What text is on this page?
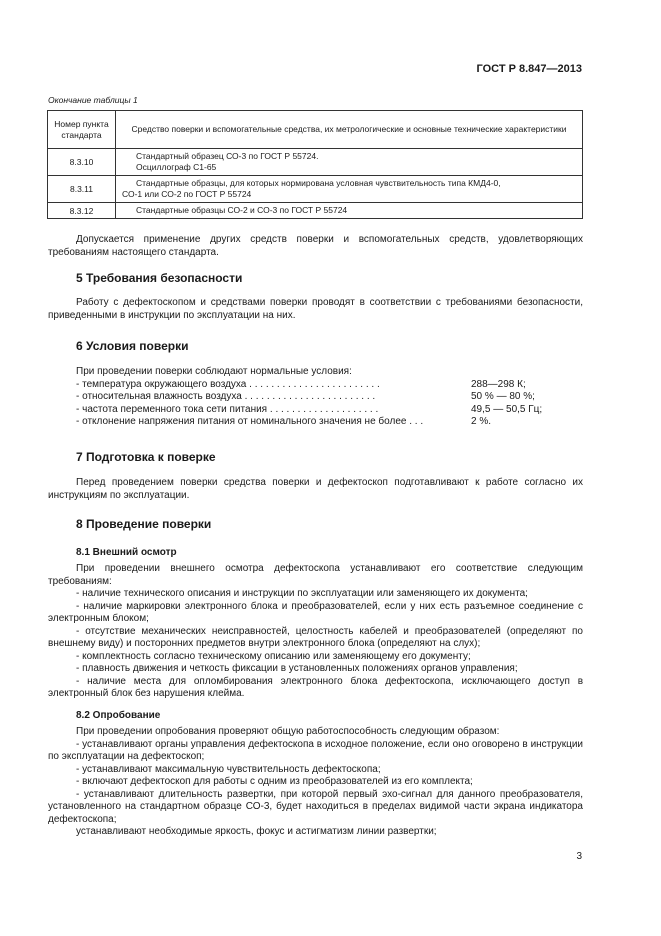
ГОСТ Р 8.847—2013
Окончание таблицы 1
Номер пункта стандарта	Средство поверки и вспомогательные средства, их метрологические и основные технические характеристики
8.3.10	Стандартный образец СО-3 по ГОСТ Р 55724.
Осциллограф С1-65

8.3.11	Стандартные образцы, для которых нормирована условная чувствительность типа КМД4-0,
СО-1 или СО-2 по ГОСТ Р 55724

8.3.12	Стандартные образцы СО-2 и СО-3 по ГОСТ Р 55724

Допускается применение других средств поверки и вспомогательных средств, удовлетворяющих требованиям настоящего стандарта.

5 Требования безопасности

Работу с дефектоскопом и средствами поверки проводят в соответствии с требованиями безопасности, приведенными в инструкции по эксплуатации на них.

6 Условия поверки

При проведении поверки соблюдают нормальные условия:

- температура окружающего воздуха . . . . . . . . . . . . . . . . . . . . . . . .	288—298 К;
- относительная влажность воздуха . . . . . . . . . . . . . . . . . . . . . . . .	50 % — 80 %;
- частота переменного тока сети питания . . . . . . . . . . . . . . . . . . . .	49,5 — 50,5 Гц;
- отклонение напряжения питания от номинального значения не более . . .	2 %.
7 Подготовка к поверке

Перед проведением поверки средства поверки и дефектоскоп подготавливают к работе согласно их инструкциям по эксплуатации.

8 Проведение поверки
8.1 Внешний осмотр

При проведении внешнего осмотра дефектоскопа устанавливают его соответствие следующим требованиям:

- наличие технического описания и инструкции по эксплуатации или заменяющего их документа;

- наличие маркировки электронного блока и преобразователей, если у них есть разъемное соединение с электронным блоком;

- отсутствие механических неисправностей, целостность кабелей и преобразователей (определяют по внешнему виду) и посторонних предметов внутри электронного блока (определяют на слух);

- комплектность согласно техническому описанию или заменяющему его документу;

- плавность движения и четкость фиксации в установленных положениях органов управления;

- наличие места для опломбирования электронного блока дефектоскопа, исключающего доступ в электронный блок без нарушения клейма.

8.2 Опробование

При проведении опробования проверяют общую работоспособность следующим образом:

- устанавливают органы управления дефектоскопа в исходное положение, если оно оговорено в инструкции по эксплуатации на дефектоскоп;

- устанавливают максимальную чувствительность дефектоскопа;

- включают дефектоскоп для работы с одним из преобразователей из его комплекта;

- устанавливают длительность развертки, при которой первый эхо-сигнал для данного преобразователя, установленного на стандартном образце СО-3, будет находиться в пределах видимой части экрана индикатора дефектоскопа;

устанавливают необходимые яркость, фокус и астигматизм линии развертки;

3
